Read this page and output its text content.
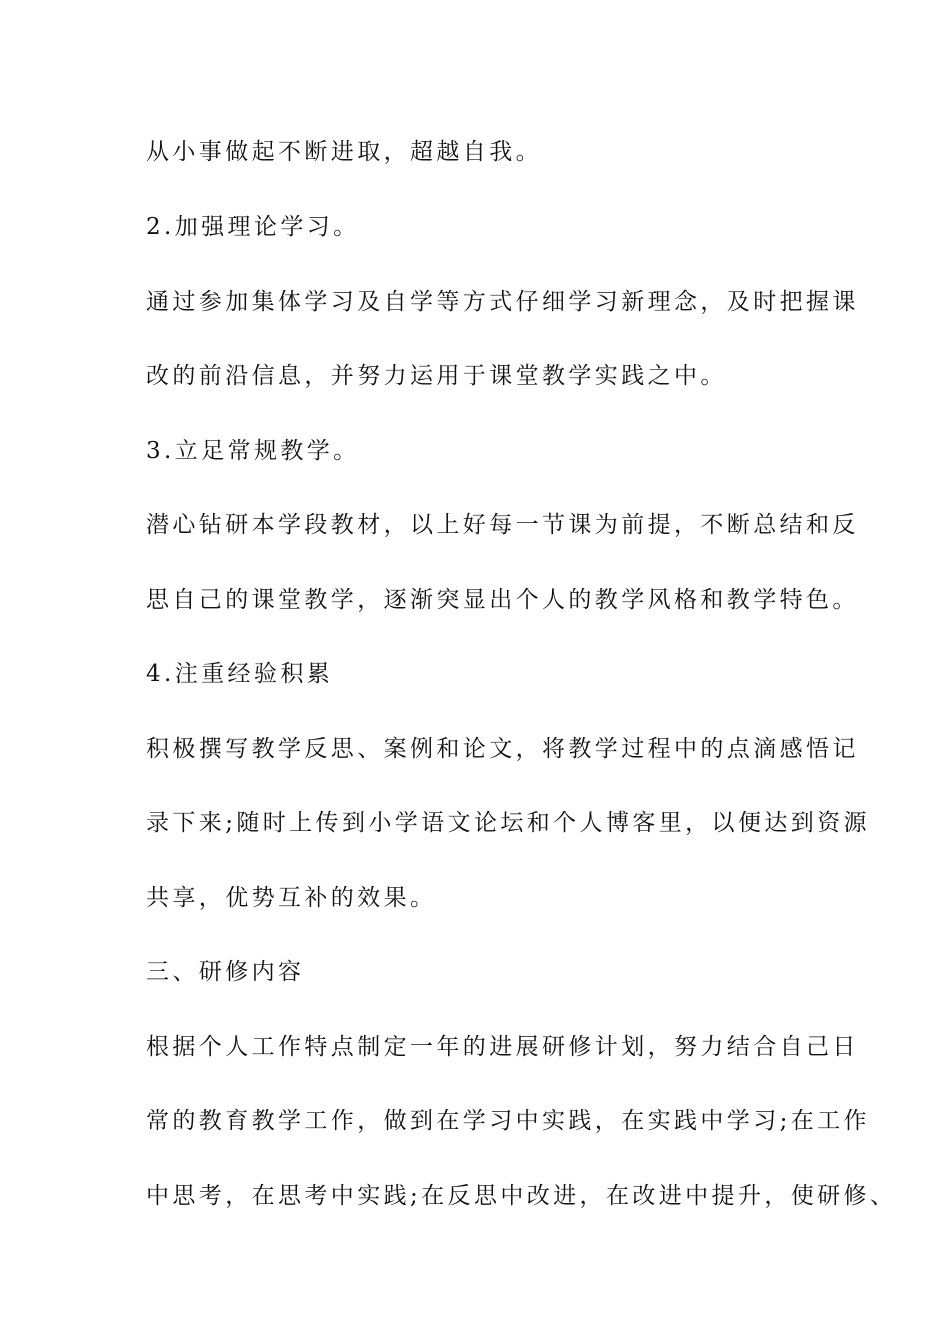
从小事做起不断进取，超越自我。

2.加强理论学习。

通过参加集体学习及自学等方式仔细学习新理念，及时把握课

改的前沿信息，并努力运用于课堂教学实践之中。

3.立足常规教学。

潜心钻研本学段教材，以上好每一节课为前提，不断总结和反

思自己的课堂教学，逐渐突显出个人的教学风格和教学特色。

4.注重经验积累

积极撰写教学反思、案例和论文，将教学过程中的点滴感悟记

录下来;随时上传到小学语文论坛和个人博客里，以便达到资源

共享，优势互补的效果。

三、研修内容

根据个人工作特点制定一年的进展研修计划，努力结合自己日

常的教育教学工作，做到在学习中实践，在实践中学习;在工作

中思考，在思考中实践;在反思中改进，在改进中提升，使研修、
